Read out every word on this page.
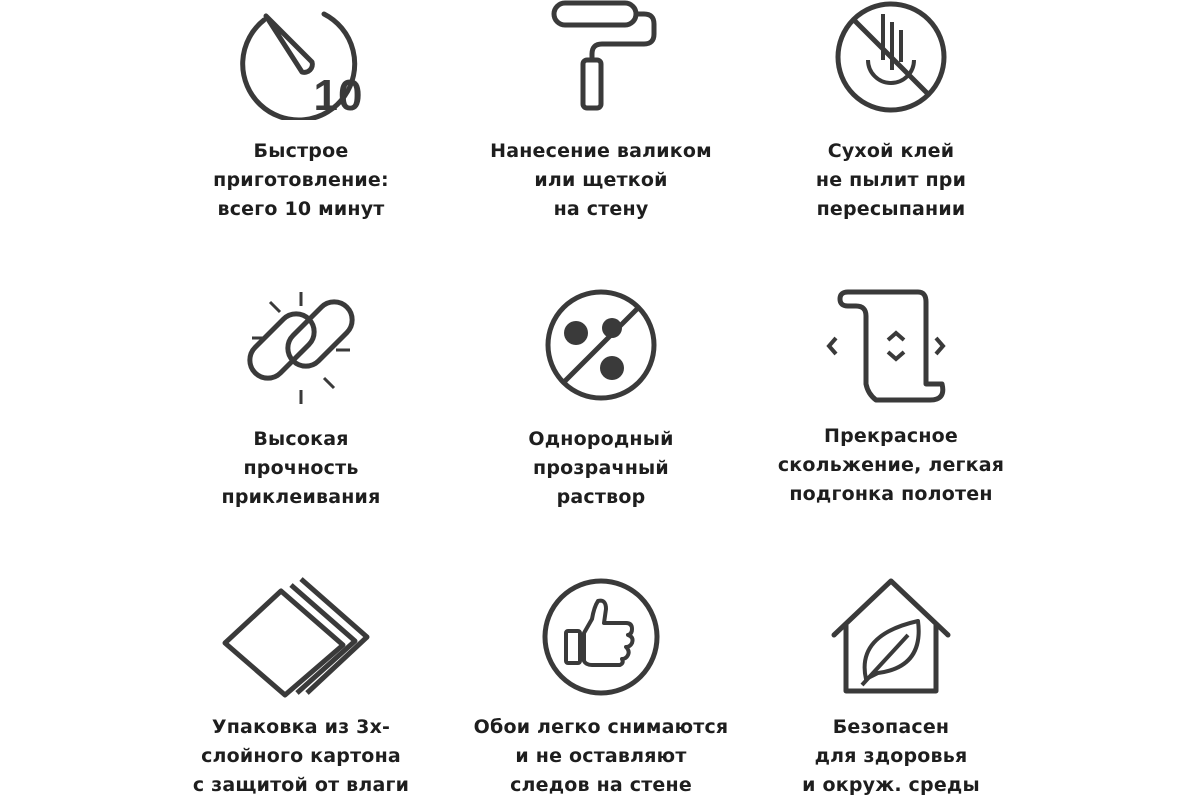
10
Быстрое
приготовление:
всего 10 минут
Нанесение валиком
или щеткой
на стену
Сухой клей
не пылит при
пересыпании
Высокая
прочность
приклеивания
Однородный
прозрачный
раствор
Прекрасное
скольжение, легкая
подгонка полотен
Упаковка из 3х-
слойного картона
с защитой от влаги
Обои легко снимаются
и не оставляют
следов на стене
Безопасен
для здоровья
и окруж. среды
